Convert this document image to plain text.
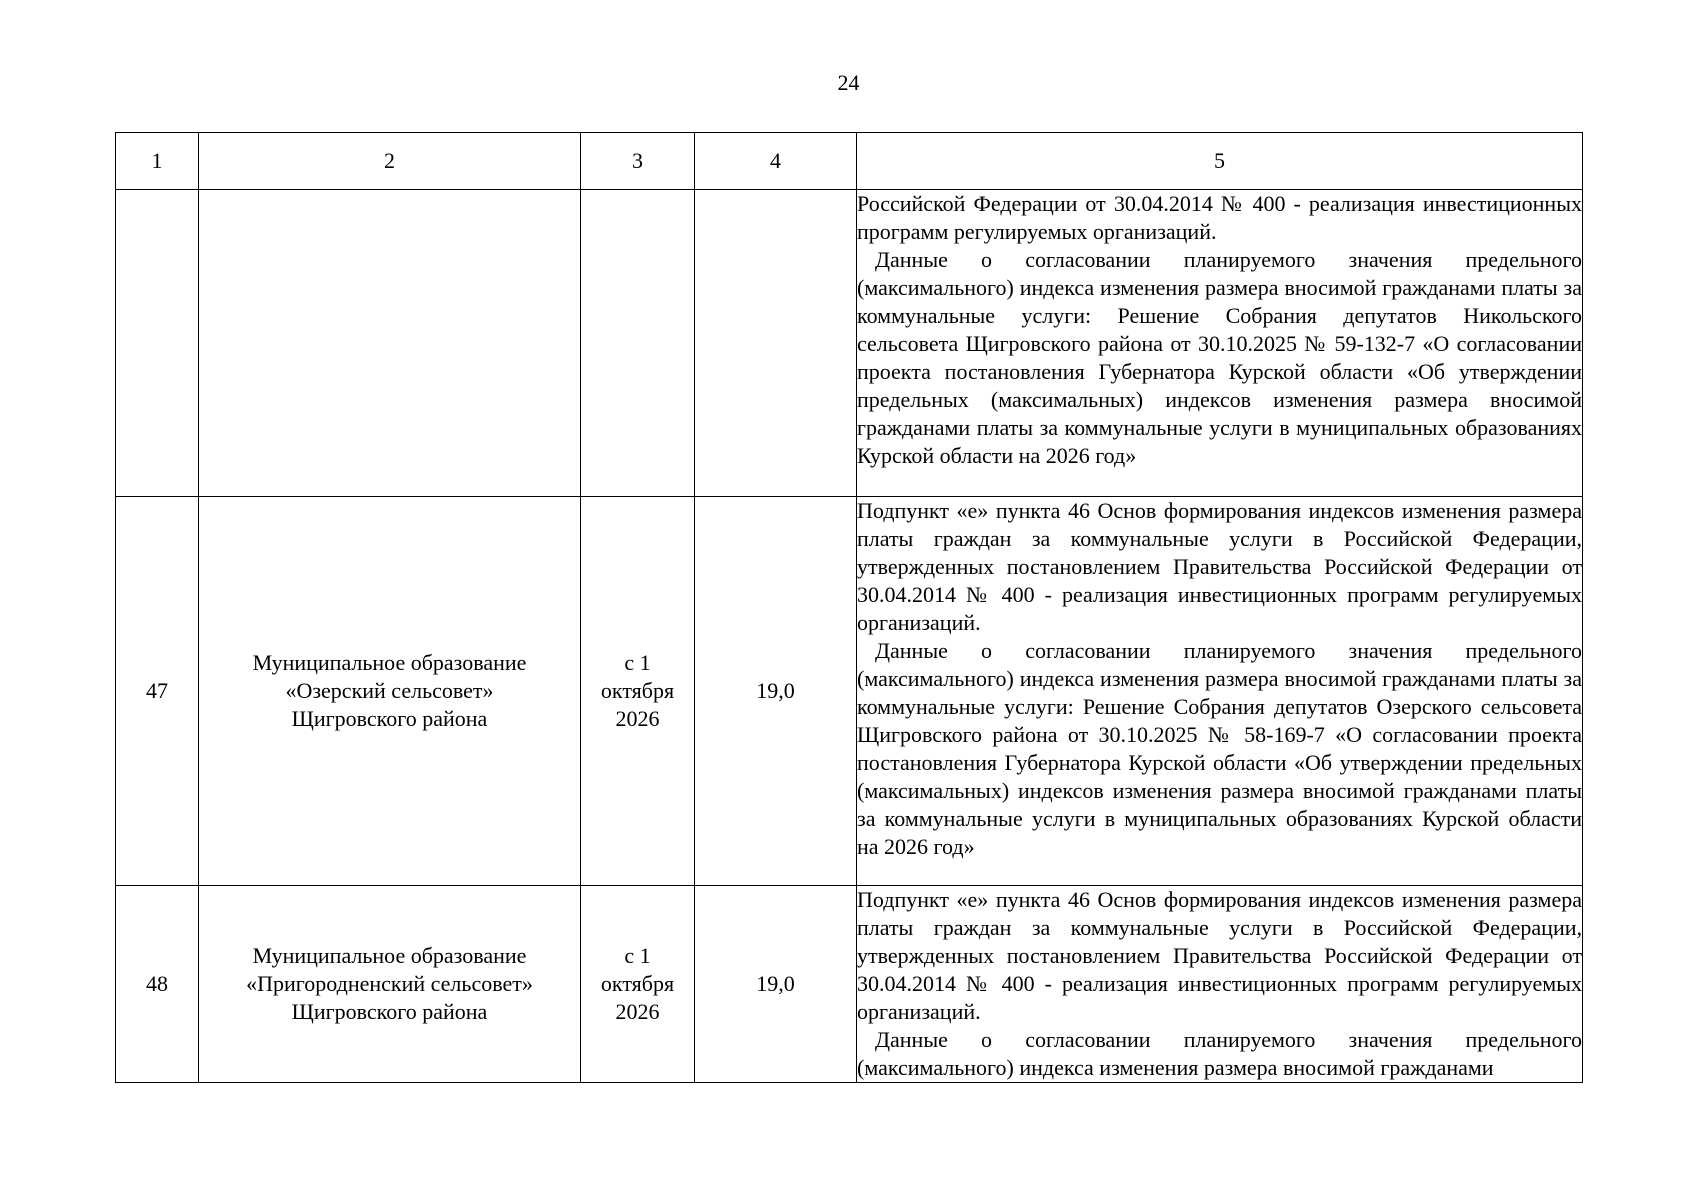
24
1	2	3	4	5

				Российской Федерации от 30.04.2014 № 400 - реализация инвестиционных программ регулируемых организаций.

Данные о согласовании планируемого значения предельного (максимального) индекса изменения размера вносимой гражданами платы за коммунальные услуги: Решение Собрания депутатов Никольского сельсовета Щигровского района от 30.10.2025 № 59-132-7 «О согласовании проекта постановления Губернатора Курской области «Об утверждении предельных (максимальных) индексов изменения размера вносимой гражданами платы за коммунальные услуги в муниципальных образованиях Курской области на 2026 год»

47	Муниципальное образование «Озерский сельсовет» Щигровского района	с 1 октября 2026	19,0	Подпункт «е» пункта 46 Основ формирования индексов изменения размера платы граждан за коммунальные услуги в Российской Федерации, утвержденных постановлением Правительства Российской Федерации от 30.04.2014 № 400 - реализация инвестиционных программ регулируемых организаций.

Данные о согласовании планируемого значения предельного (максимального) индекса изменения размера вносимой гражданами платы за коммунальные услуги: Решение Собрания депутатов Озерского сельсовета Щигровского района от 30.10.2025 № 58-169-7 «О согласовании проекта постановления Губернатора Курской области «Об утверждении предельных (максимальных) индексов изменения размера вносимой гражданами платы за коммунальные услуги в муниципальных образованиях Курской области на 2026 год»

48	Муниципальное образование «Пригородненский сельсовет» Щигровского района	с 1 октября 2026	19,0	Подпункт «е» пункта 46 Основ формирования индексов изменения размера платы граждан за коммунальные услуги в Российской Федерации, утвержденных постановлением Правительства Российской Федерации от 30.04.2014 № 400 - реализация инвестиционных программ регулируемых организаций.

Данные о согласовании планируемого значения предельного (максимального) индекса изменения размера вносимой гражданами
